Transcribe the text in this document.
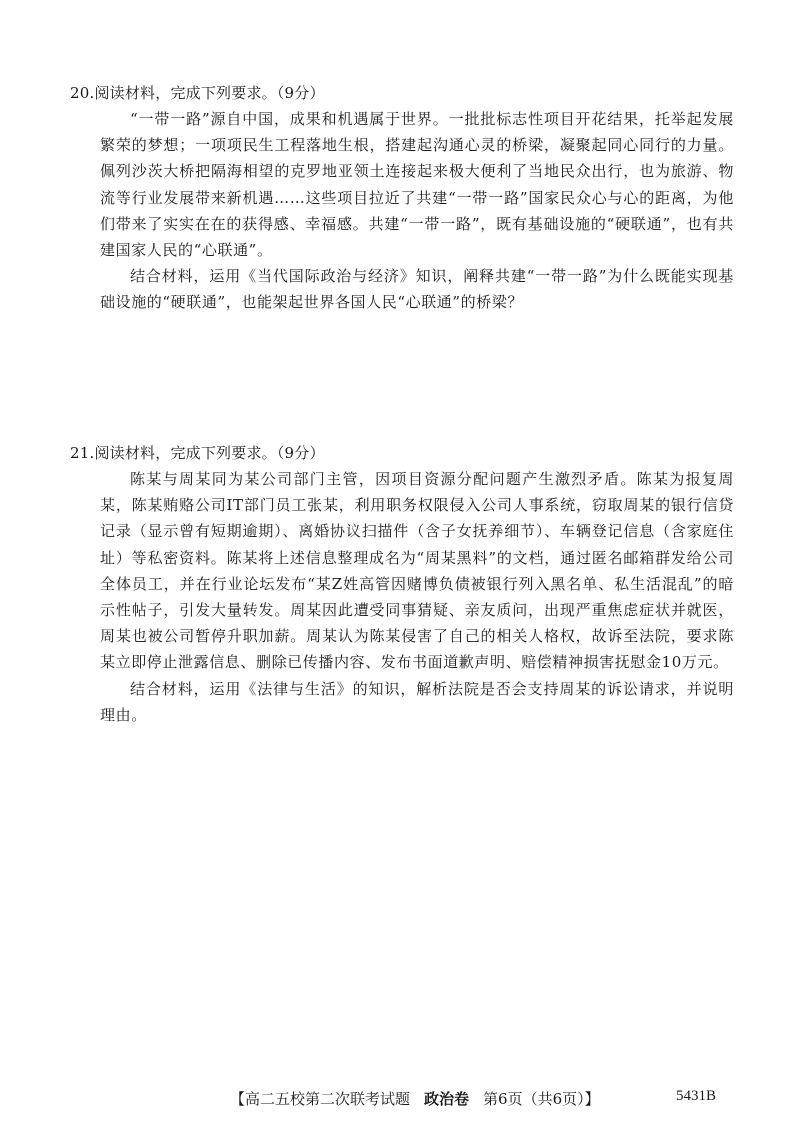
20.阅读材料，完成下列要求。（9分）

“一带一路”源自中国，成果和机遇属于世界。一批批标志性项目开花结果，托举起发展繁荣的梦想；一项项民生工程落地生根，搭建起沟通心灵的桥梁，凝聚起同心同行的力量。佩列沙茨大桥把隔海相望的克罗地亚领土连接起来极大便利了当地民众出行，也为旅游、物流等行业发展带来新机遇……这些项目拉近了共建“一带一路”国家民众心与心的距离，为他们带来了实实在在的获得感、幸福感。共建“一带一路”，既有基础设施的“硬联通”，也有共建国家人民的“心联通”。

结合材料，运用《当代国际政治与经济》知识，阐释共建“一带一路”为什么既能实现基础设施的“硬联通”，也能架起世界各国人民“心联通”的桥梁？

21.阅读材料，完成下列要求。（9分）

陈某与周某同为某公司部门主管，因项目资源分配问题产生激烈矛盾。陈某为报复周某，陈某贿赂公司IT部门员工张某，利用职务权限侵入公司人事系统，窃取周某的银行信贷记录（显示曾有短期逾期）、离婚协议扫描件（含子女抚养细节）、车辆登记信息（含家庭住址）等私密资料。陈某将上述信息整理成名为“周某黑料”的文档，通过匿名邮箱群发给公司全体员工，并在行业论坛发布“某Z姓高管因赌博负债被银行列入黑名单、私生活混乱”的暗示性帖子，引发大量转发。周某因此遭受同事猜疑、亲友质问，出现严重焦虑症状并就医，周某也被公司暂停升职加薪。周某认为陈某侵害了自己的相关人格权，故诉至法院，要求陈某立即停止泄露信息、删除已传播内容、发布书面道歉声明、赔偿精神损害抚慰金10万元。

结合材料，运用《法律与生活》的知识，解析法院是否会支持周某的诉讼请求，并说明理由。

【高二五校第二次联考试题 政治卷 第6页（共6页）】	5431B
